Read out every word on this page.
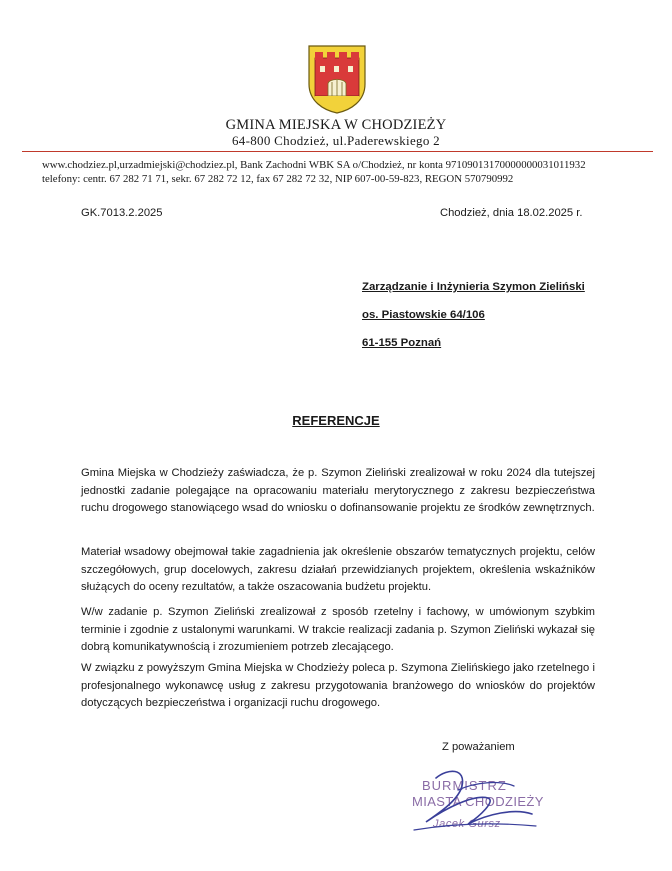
GMINA MIEJSKA W CHODZIEŻY
64-800 Chodzież, ul.Paderewskiego 2
www.chodziez.pl,urzadmiejski@chodziez.pl, Bank Zachodni WBK SA o/Chodzież, nr konta 97109013170000000031011932
telefony: centr. 67 282 71 71, sekr. 67 282 72 12, fax 67 282 72 32, NIP 607-00-59-823, REGON 570790992
GK.7013.2.2025	Chodzież, dnia 18.02.2025 r.
Zarządzanie i Inżynieria Szymon Zieliński
os. Piastowskie 64/106
61-155 Poznań
REFERENCJE
Gmina Miejska w Chodzieży zaświadcza, że p. Szymon Zieliński zrealizował w roku 2024 dla tutejszej jednostki zadanie polegające na opracowaniu materiału merytorycznego z zakresu bezpieczeństwa ruchu drogowego stanowiącego wsad do wniosku o dofinansowanie projektu ze środków zewnętrznych.
Materiał wsadowy obejmował takie zagadnienia jak określenie obszarów tematycznych projektu, celów szczegółowych, grup docelowych, zakresu działań przewidzianych projektem, określenia wskaźników służących do oceny rezultatów, a także oszacowania budżetu projektu.
W/w zadanie p. Szymon Zieliński zrealizował z sposób rzetelny i fachowy, w umówionym szybkim terminie i zgodnie z ustalonymi warunkami. W trakcie realizacji zadania p. Szymon Zieliński wykazał się dobrą komunikatywnością i zrozumieniem potrzeb zlecającego.
W związku z powyższym Gmina Miejska w Chodzieży poleca p. Szymona Zielińskiego jako rzetelnego i profesjonalnego wykonawcę usług z zakresu przygotowania branżowego do wniosków do projektów dotyczących bezpieczeństwa i organizacji ruchu drogowego.
Z poważaniem
BURMISTRZ
MIASTA CHODZIEŻY
Jacek Gursz
